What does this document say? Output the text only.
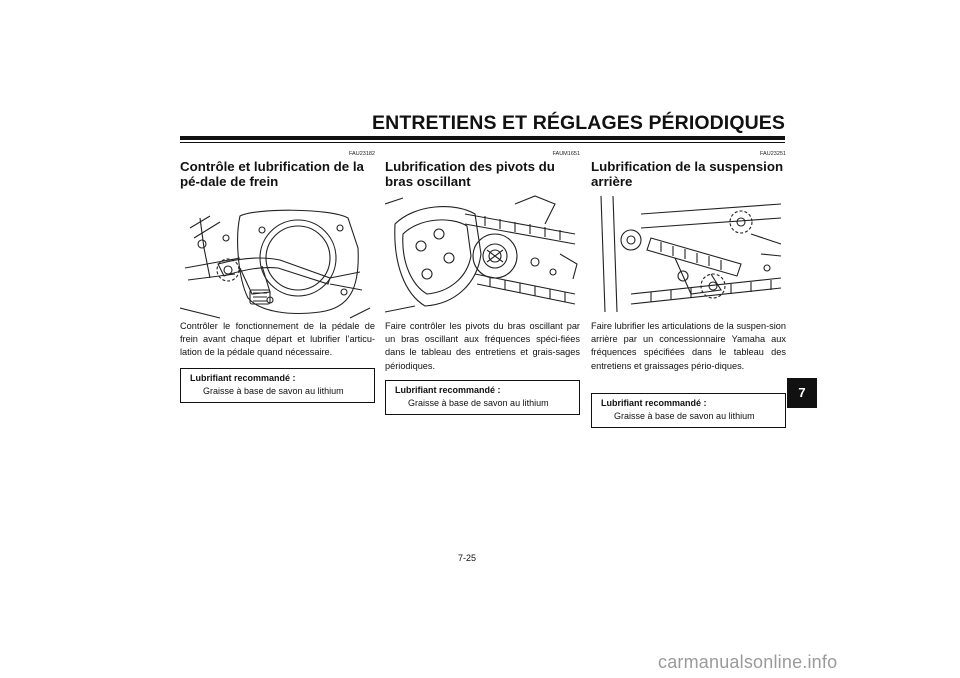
ENTRETIENS ET RÉGLAGES PÉRIODIQUES
FAU23182
Contrôle et lubrification de la pé-dale de frein

Contrôler le fonctionnement de la pédale de frein avant chaque départ et lubrifier l’articu-lation de la pédale quand nécessaire.

Lubrifiant recommandé :
Graisse à base de savon au lithium
FAUM1651
Lubrification des pivots du bras oscillant

Faire contrôler les pivots du bras oscillant par un bras oscillant aux fréquences spéci-fiées dans le tableau des entretiens et grais-sages périodiques.

Lubrifiant recommandé :
Graisse à base de savon au lithium
FAU23251
Lubrification de la suspension arrière

Faire lubrifier les articulations de la suspen-sion arrière par un concessionnaire Yamaha aux fréquences spécifiées dans le tableau des entretiens et graissages pério-diques.

Lubrifiant recommandé :
Graisse à base de savon au lithium
7
7-25
carmanualsonline.info
